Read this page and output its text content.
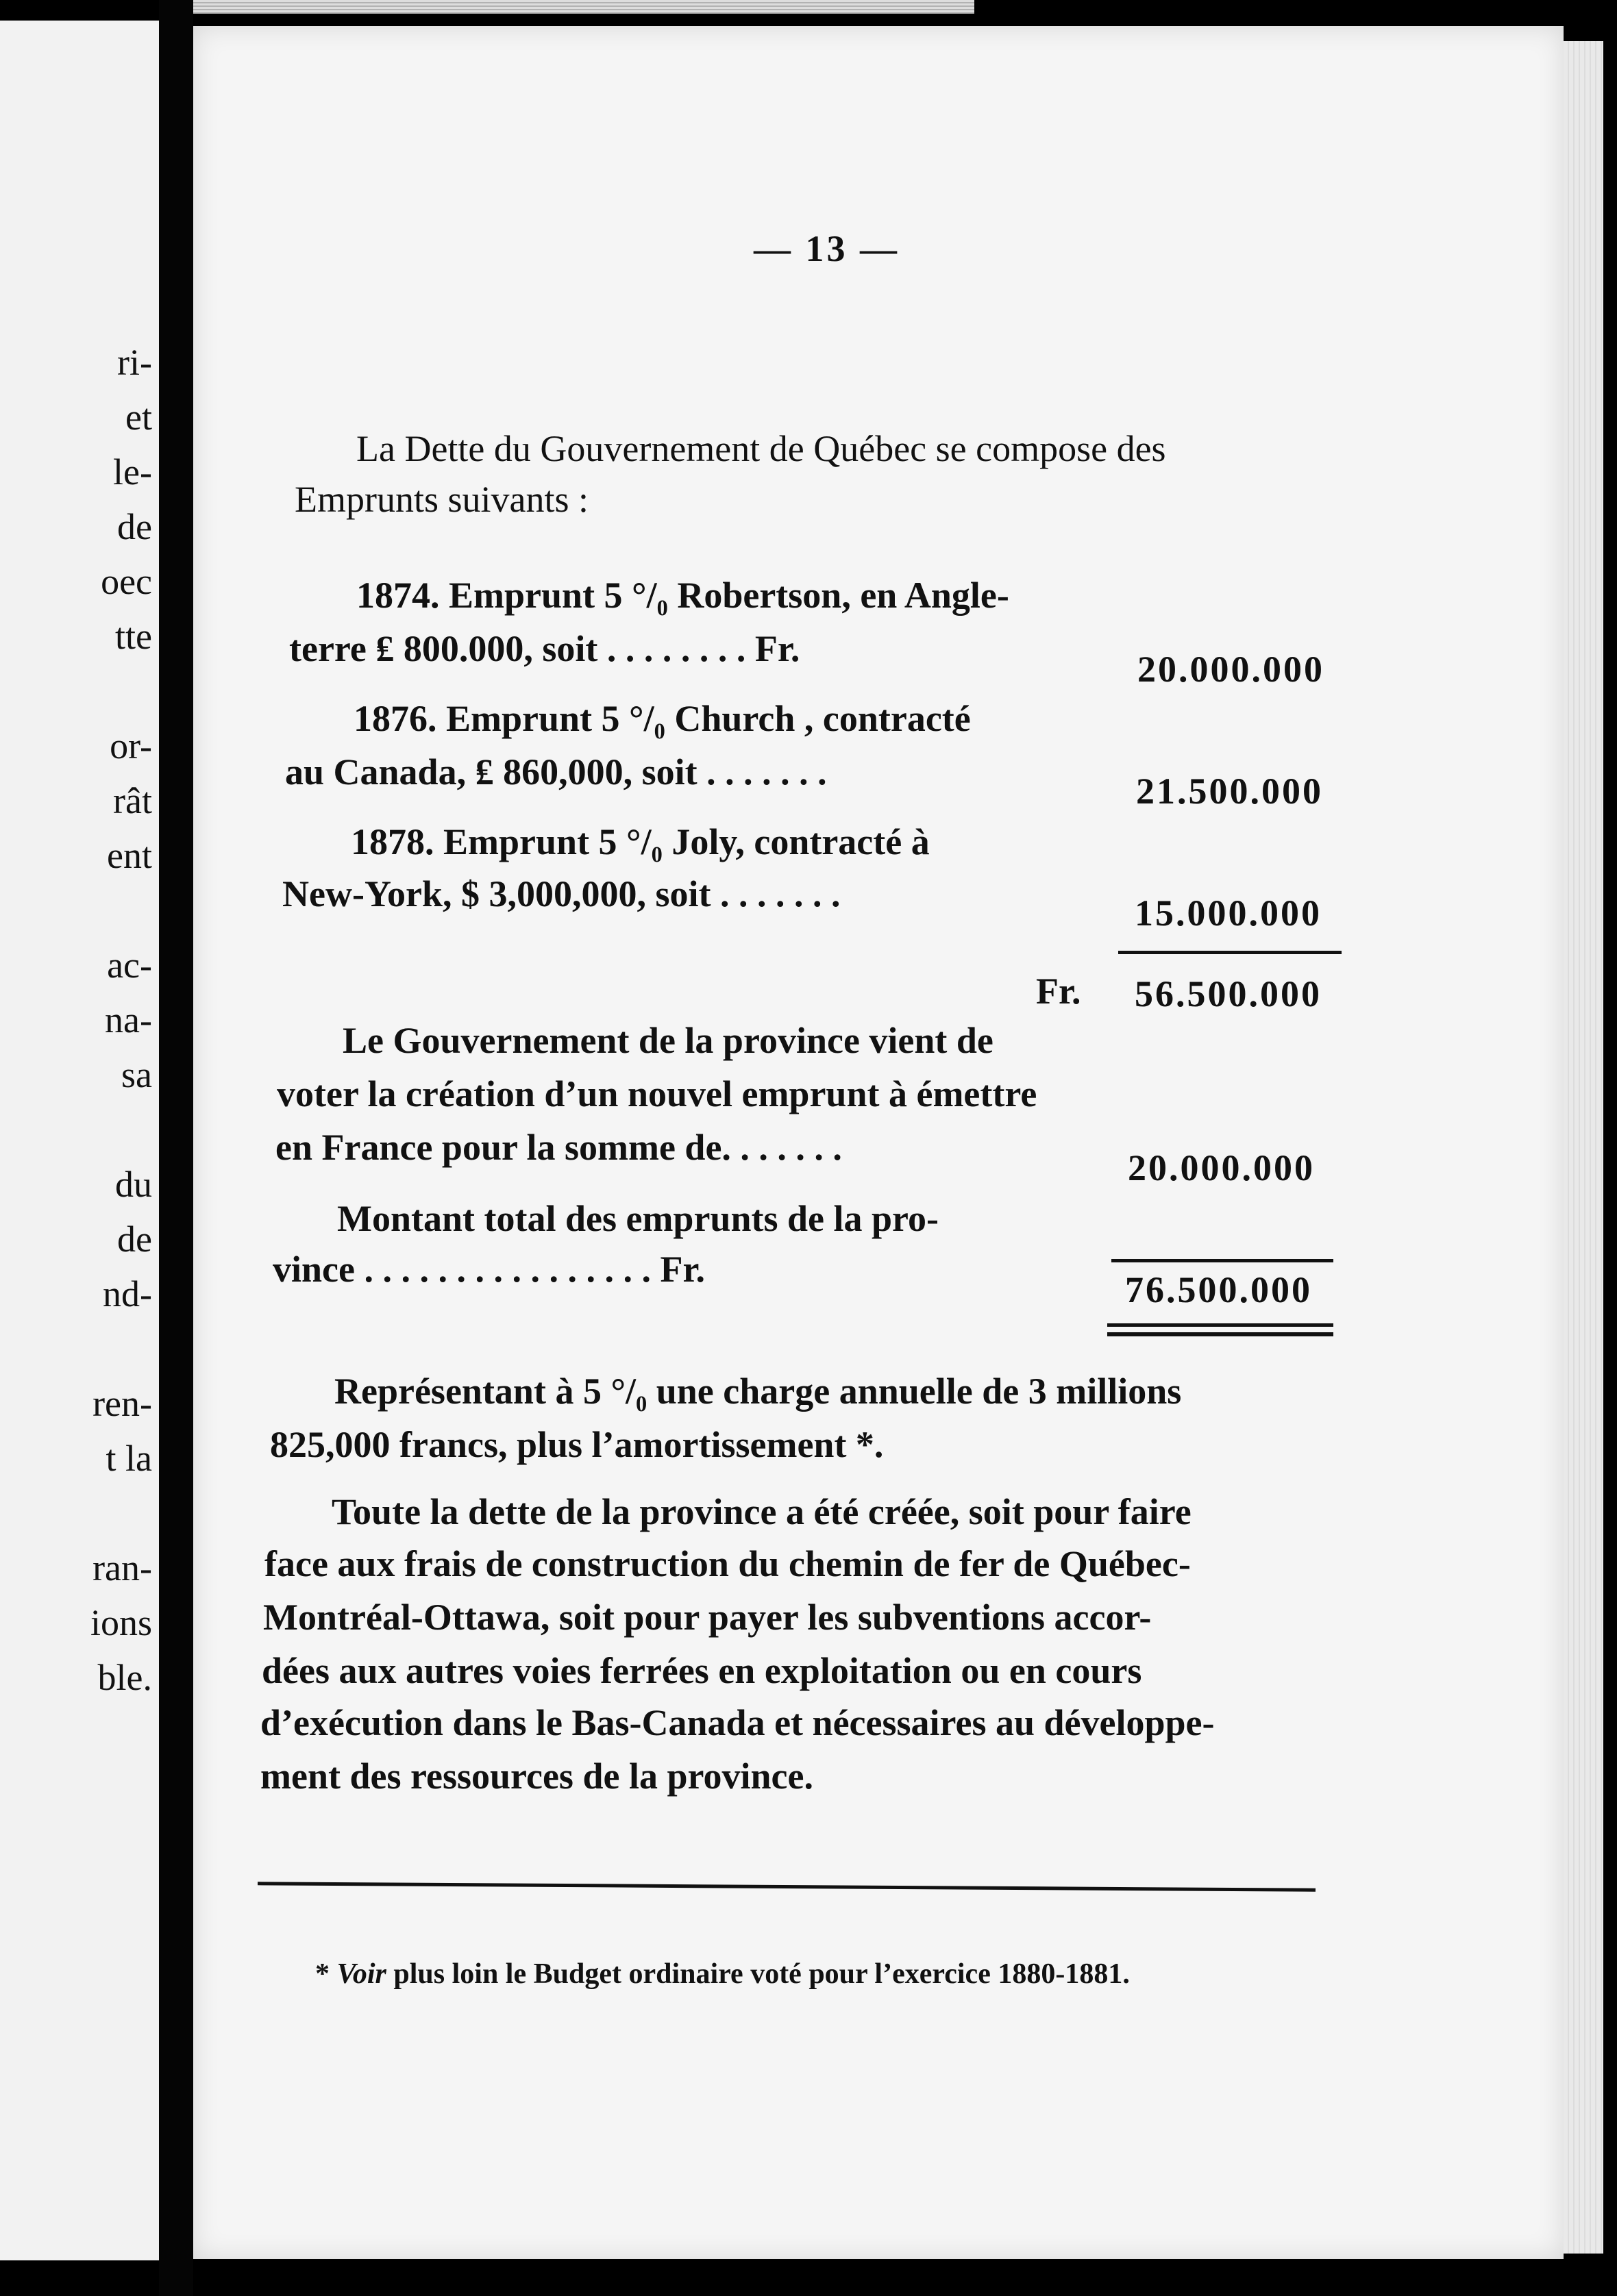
ri-
et
le-
de
oec
tte
or-
rât
ent
ac-
na-
sa
du
de
nd-
ren-
t la
ran-
ions
ble.
— 13 —
La Dette du Gouvernement de Québec se compose des
Emprunts suivants :
1874. Emprunt 5 °/₀ Robertson, en Angle-
terre ₤ 800.000, soit . . . . . . . . Fr.	20.000.000
1876. Emprunt 5 °/₀ Church , contracté
au Canada, ₤ 860,000, soit . . . . . . .	21.500.000
1878. Emprunt 5 °/₀ Joly, contracté à
New-York, $ 3,000,000, soit . . . . . . .	15.000.000
Fr. 56.500.000
Le Gouvernement de la province vient de
voter la création d’un nouvel emprunt à émettre
en France pour la somme de. . . . . . .	20.000.000
Montant total des emprunts de la pro-
vince . . . . . . . . . . . . . . . . Fr.	76.500.000
Représentant à 5 °/₀ une charge annuelle de 3 millions
825,000 francs, plus l’amortissement *.
Toute la dette de la province a été créée, soit pour faire
face aux frais de construction du chemin de fer de Québec-
Montréal-Ottawa, soit pour payer les subventions accor-
dées aux autres voies ferrées en exploitation ou en cours
d’exécution dans le Bas-Canada et nécessaires au développe-
ment des ressources de la province.
* Voir plus loin le Budget ordinaire voté pour l’exercice 1880-1881.
